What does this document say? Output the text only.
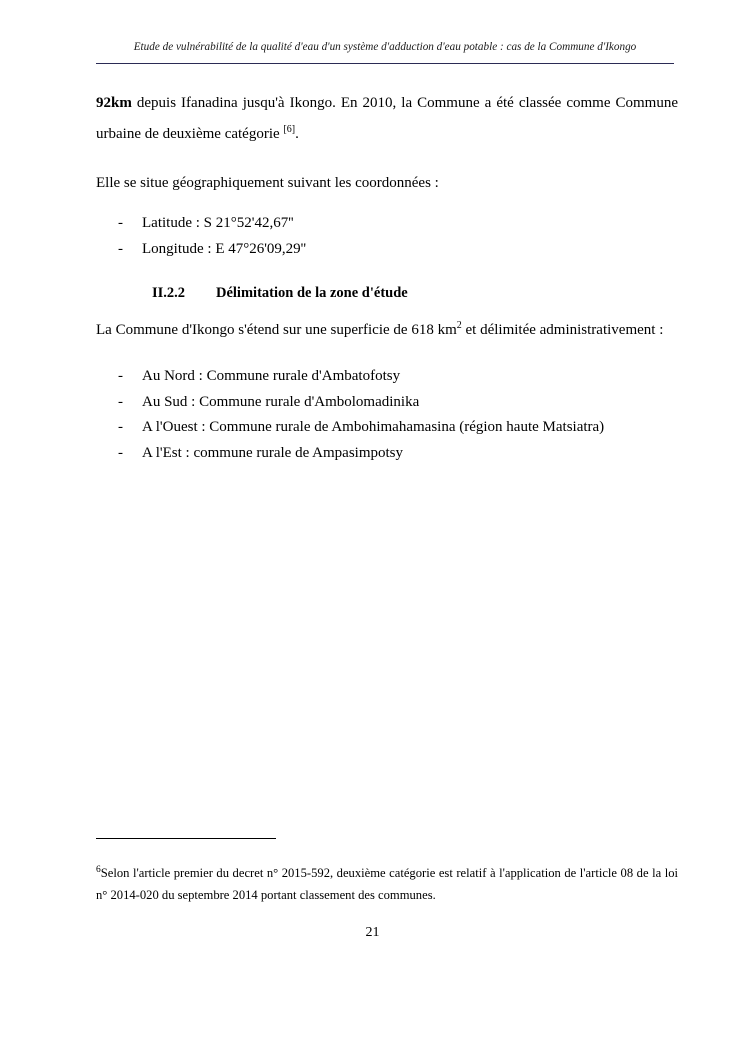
Etude de vulnérabilité de la qualité d'eau d'un système d'adduction d'eau potable : cas de la Commune d'Ikongo

92km depuis Ifanadina jusqu'à Ikongo. En 2010, la Commune a été classée comme Commune urbaine de deuxième catégorie [6].

Elle se situe géographiquement suivant les coordonnées :

- Latitude : S 21°52'42,67''
- Longitude : E 47°26'09,29''
II.2.2 Délimitation de la zone d'étude

La Commune d'Ikongo s'étend sur une superficie de 618 $km^2$ et délimitée administrativement :

- Au Nord : Commune rurale d'Ambatofotsy
- Au Sud : Commune rurale d'Ambolomadinika
- A l'Ouest : Commune rurale de Ambohimahamasina (région haute Matsiatra)
- A l'Est : commune rurale de Ampasimpotsy
$^6$Selon l'article premier du decret n° 2015-592, deuxième catégorie est relatif à l'application de l'article 08 de la loi n° 2014-020 du septembre 2014 portant classement des communes.
21
